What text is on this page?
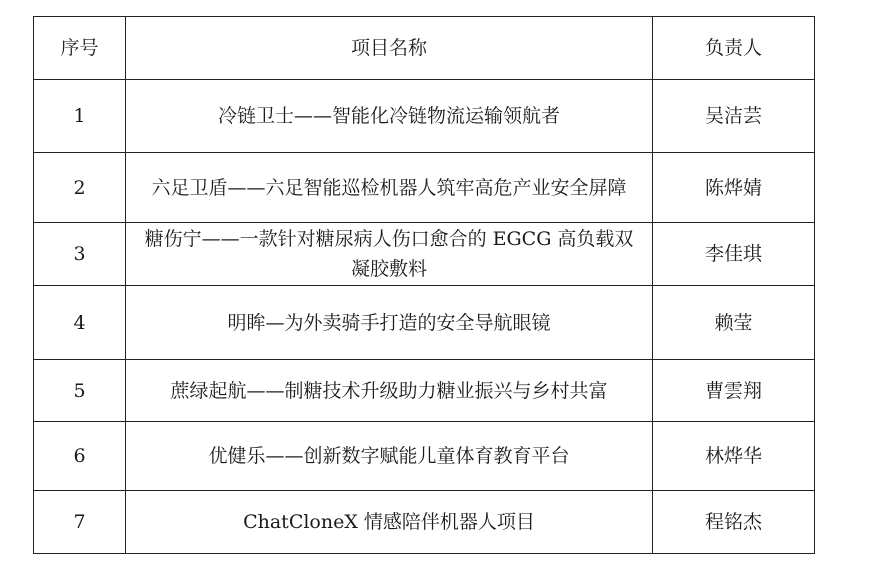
序号	项目名称	负责人
1	冷链卫士——智能化冷链物流运输领航者	吴洁芸
2	六足卫盾——六足智能巡检机器人筑牢高危产业安全屏障	陈烨婧
3	糖伤宁——一款针对糖尿病人伤口愈合的 EGCG 高负载双凝胶敷料	李佳琪
4	明眸—为外卖骑手打造的安全导航眼镜	赖莹
5	蔗绿起航——制糖技术升级助力糖业振兴与乡村共富	曹雲翔
6	优健乐——创新数字赋能儿童体育教育平台	林烨华
7	ChatCloneX 情感陪伴机器人项目	程铭杰
